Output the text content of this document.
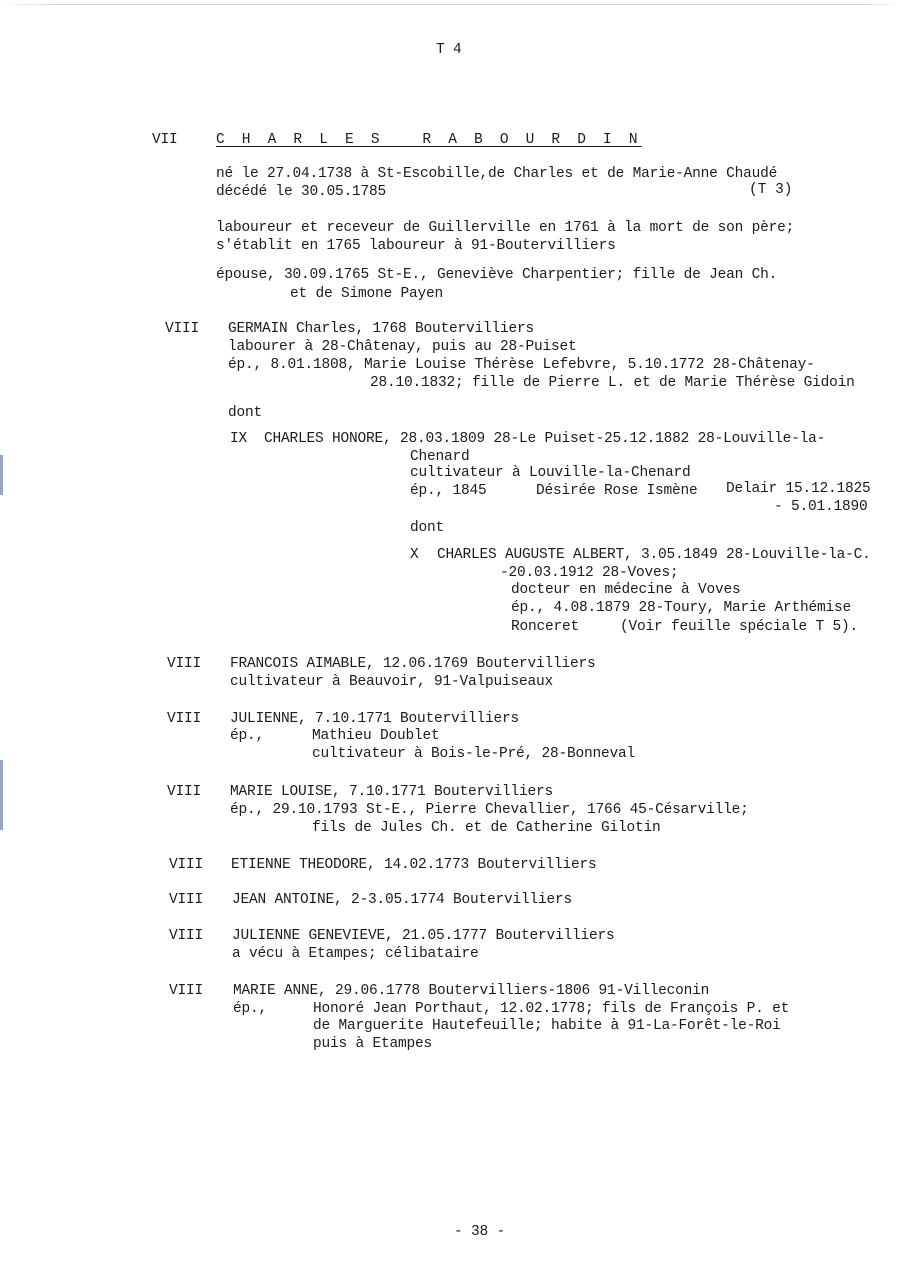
T 4
VII	C H A R L E S   R A B O U R D I N
né le 27.04.1738 à St-Escobille,de Charles et de Marie-Anne Chaudé
décédé le 30.05.1785	(T 3)
laboureur et receveur de Guillerville en 1761 à la mort de son père;
s'établit en 1765 laboureur à 91-Boutervilliers
épouse, 30.09.1765 St-E., Geneviève Charpentier; fille de Jean Ch.
et de Simone Payen
VIII GERMAIN Charles, 1768 Boutervilliers
labourer à 28-Châtenay, puis au 28-Puiset
ép., 8.01.1808, Marie Louise Thérèse Lefebvre, 5.10.1772 28-Châtenay-
28.10.1832; fille de Pierre L. et de Marie Thérèse Gidoin
dont
IX CHARLES HONORE, 28.03.1809 28-Le Puiset-25.12.1882 28-Louville-la-
Chenard
cultivateur à Louville-la-Chenard
ép., 1845	Désirée Rose Ismène Delair 15.12.1825
- 5.01.1890
dont
X CHARLES AUGUSTE ALBERT, 3.05.1849 28-Louville-la-C.
-20.03.1912 28-Voves;
docteur en médecine à Voves
ép., 4.08.1879 28-Toury, Marie Arthémise
Ronceret	(Voir feuille spéciale T 5).
VIII FRANCOIS AIMABLE, 12.06.1769 Boutervilliers
cultivateur à Beauvoir, 91-Valpuiseaux
VIII JULIENNE, 7.10.1771 Boutervilliers
ép.,	Mathieu Doublet
cultivateur à Bois-le-Pré, 28-Bonneval
VIII MARIE LOUISE, 7.10.1771 Boutervilliers
ép., 29.10.1793 St-E., Pierre Chevallier, 1766 45-Césarville;
fils de Jules Ch. et de Catherine Gilotin
VIII ETIENNE THEODORE, 14.02.1773 Boutervilliers
VIII JEAN ANTOINE, 2-3.05.1774 Boutervilliers
VIII JULIENNE GENEVIEVE, 21.05.1777 Boutervilliers
a vécu à Etampes; célibataire
VIII MARIE ANNE, 29.06.1778 Boutervilliers-1806 91-Villeconin
ép.,	Honoré Jean Porthaut, 12.02.1778; fils de François P. et
de Marguerite Hautefeuille; habite à 91-La-Forêt-le-Roi
puis à Etampes
- 38 -
